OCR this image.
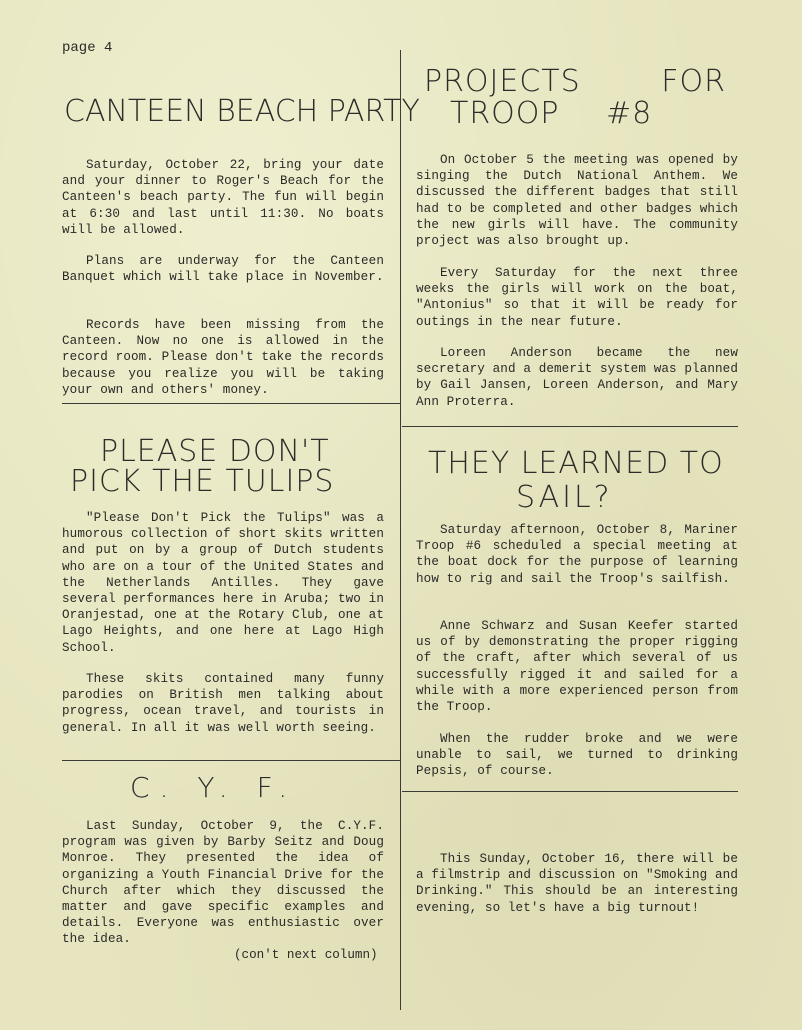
page 4
CANTEEN BEACH PARTY

Saturday, October 22, bring your date and your dinner to Roger's Beach for the Canteen's beach party. The fun will begin at 6:30 and last until 11:30. No boats will be allowed.

Plans are underway for the Canteen Banquet which will take place in November.

Records have been missing from the Canteen. Now no one is allowed in the record room. Please don't take the records because you realize you will be taking your own and others' money.

PLEASE DON'T
PICK THE TULIPS

"Please Don't Pick the Tulips" was a humorous collection of short skits written and put on by a group of Dutch students who are on a tour of the United States and the Netherlands Antilles. They gave several performances here in Aruba; two in Oranjestad, one at the Rotary Club, one at Lago Heights, and one here at Lago High School.

These skits contained many funny parodies on British men talking about progress, ocean travel, and tourists in general. In all it was well worth seeing.

C. Y. F.

Last Sunday, October 9, the C.Y.F. program was given by Barby Seitz and Doug Monroe. They presented the idea of organizing a Youth Financial Drive for the Church after which they discussed the matter and gave specific examples and details. Everyone was enthusiastic over the idea.

(con't next column)
PROJECTS FOR
TROOP #8

On October 5 the meeting was opened by singing the Dutch National Anthem. We discussed the different badges that still had to be completed and other badges which the new girls will have. The community project was also brought up.

Every Saturday for the next three weeks the girls will work on the boat, "Antonius" so that it will be ready for outings in the near future.

Loreen Anderson became the new secretary and a demerit system was planned by Gail Jansen, Loreen Anderson, and Mary Ann Proterra.

THEY LEARNED TO
SAIL?

Saturday afternoon, October 8, Mariner Troop #6 scheduled a special meeting at the boat dock for the purpose of learning how to rig and sail the Troop's sailfish.

Anne Schwarz and Susan Keefer started us of by demonstrating the proper rigging of the craft, after which several of us successfully rigged it and sailed for a while with a more experienced person from the Troop.

When the rudder broke and we were unable to sail, we turned to drinking Pepsis, of course.

This Sunday, October 16, there will be a filmstrip and discussion on "Smoking and Drinking." This should be an interesting evening, so let's have a big turnout!
